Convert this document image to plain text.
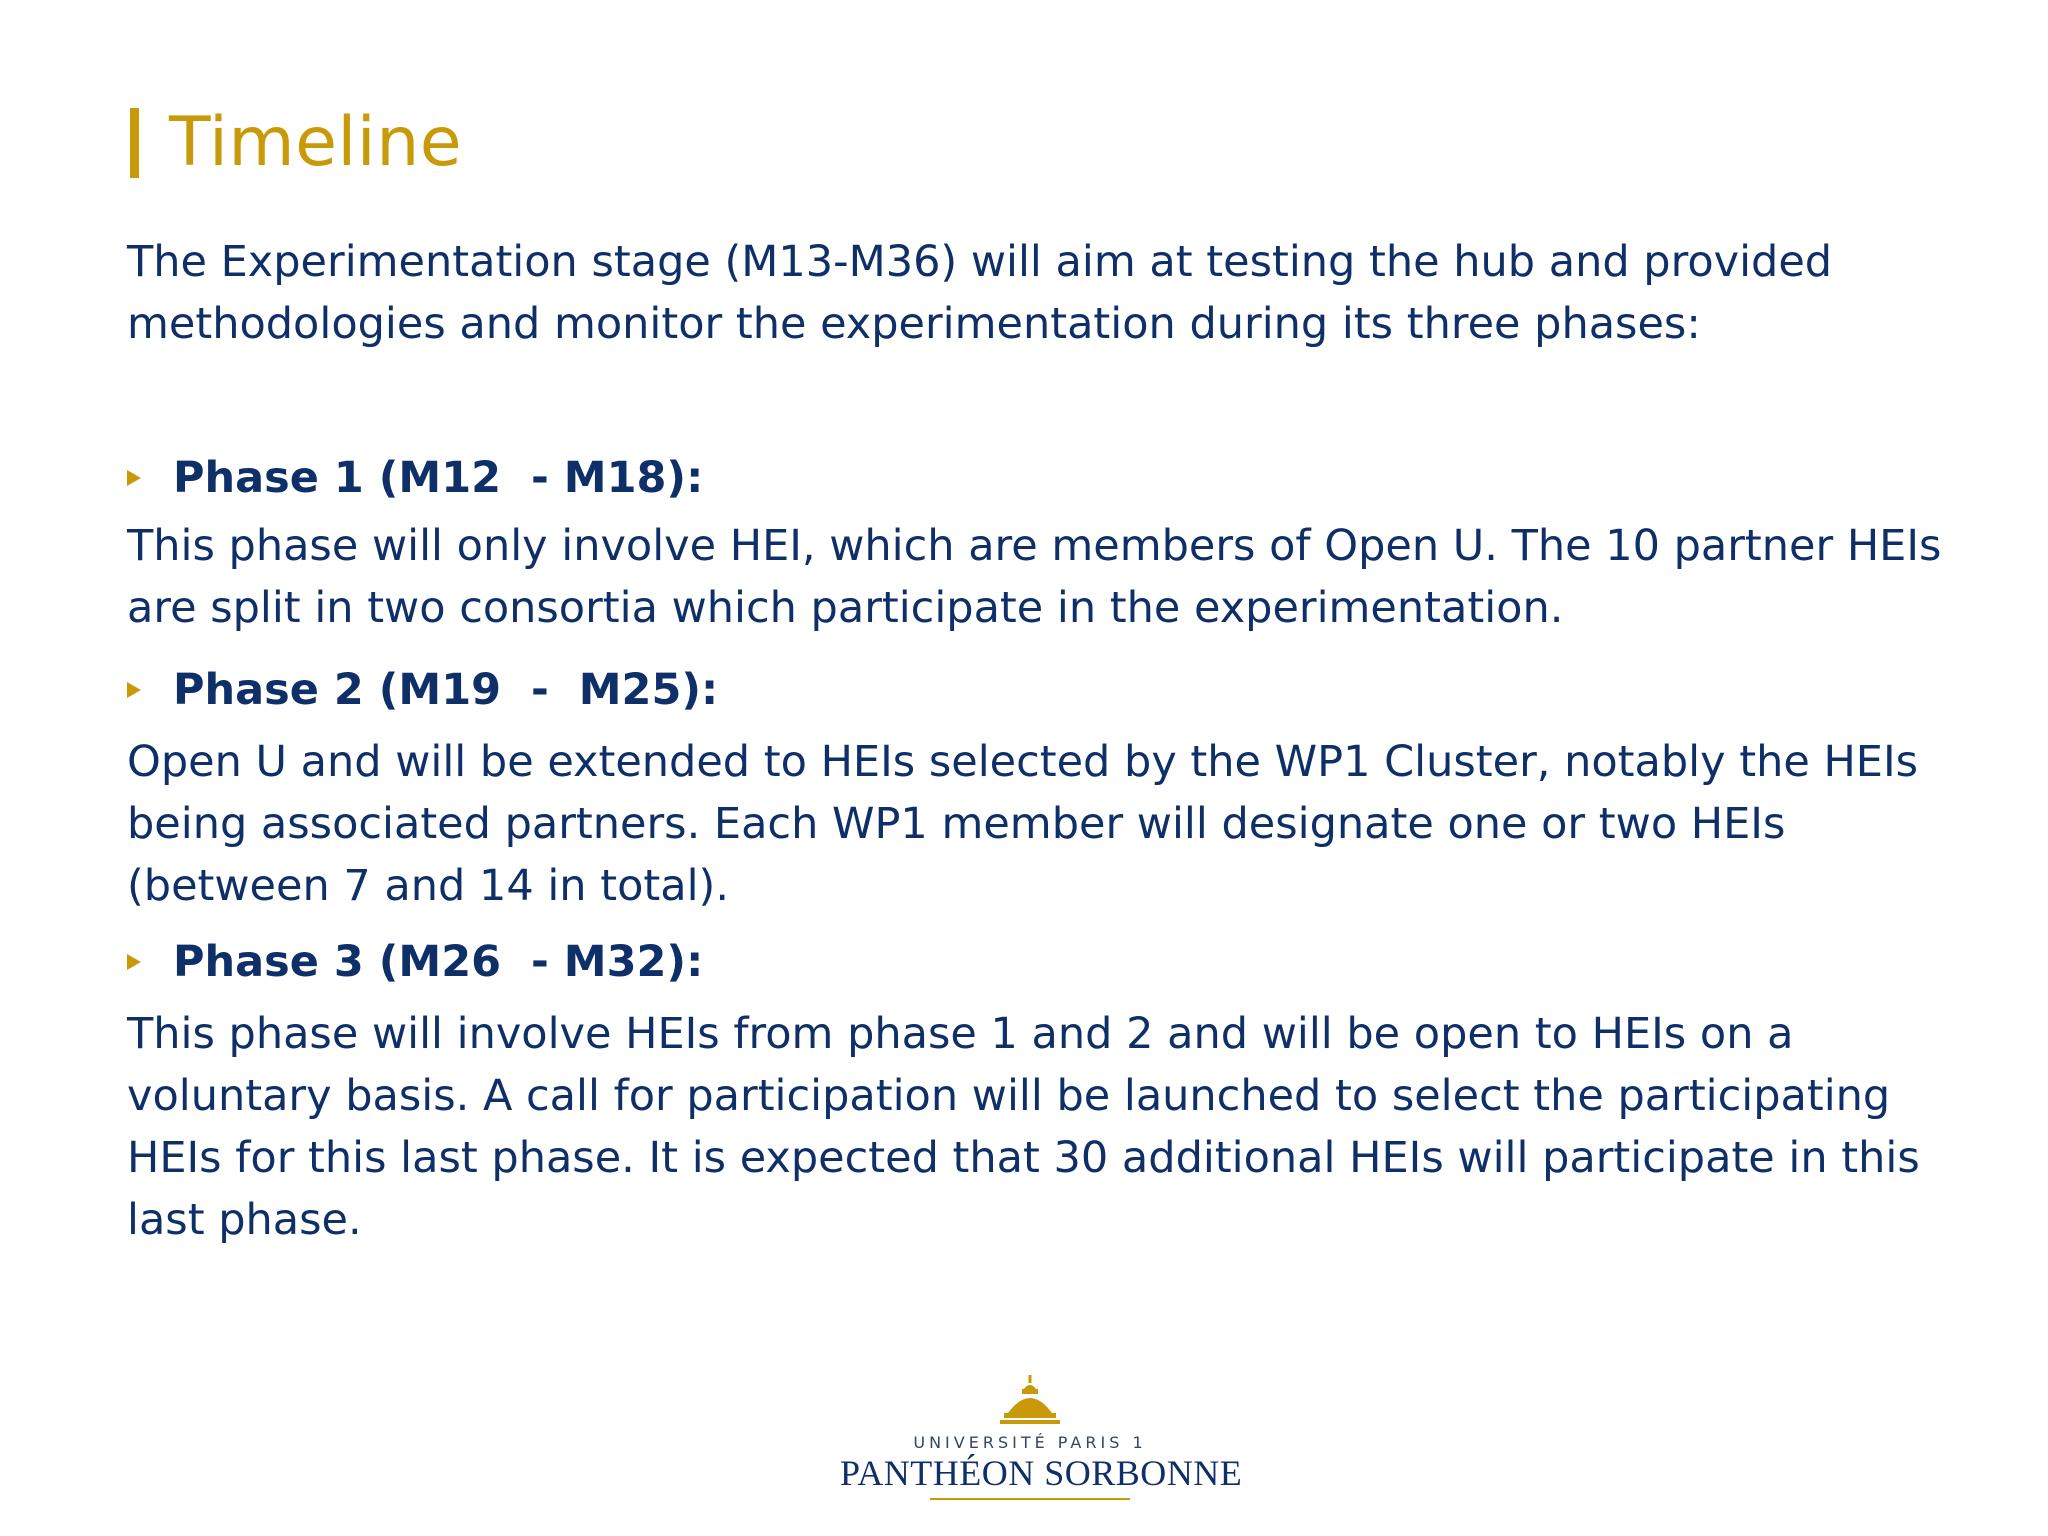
Timeline
The Experimentation stage (M13-M36) will aim at testing the hub and provided methodologies and monitor the experimentation during its three phases:
Phase 1 (M12  - M18):
This phase will only involve HEI, which are members of Open U. The 10 partner HEIs are split in two consortia which participate in the experimentation.
Phase 2 (M19  -  M25):
Open U and will be extended to HEIs selected by the WP1 Cluster, notably the HEIs being associated partners. Each WP1 member will designate one or two HEIs (between 7 and 14 in total).
Phase 3 (M26  - M32):
This phase will involve HEIs from phase 1 and 2 and will be open to HEIs on a voluntary basis. A call for participation will be launched to select the participating HEIs for this last phase. It is expected that 30 additional HEIs will participate in this last phase.
UNIVERSITÉ PARIS 1
PANTHÉON SORBONNE
